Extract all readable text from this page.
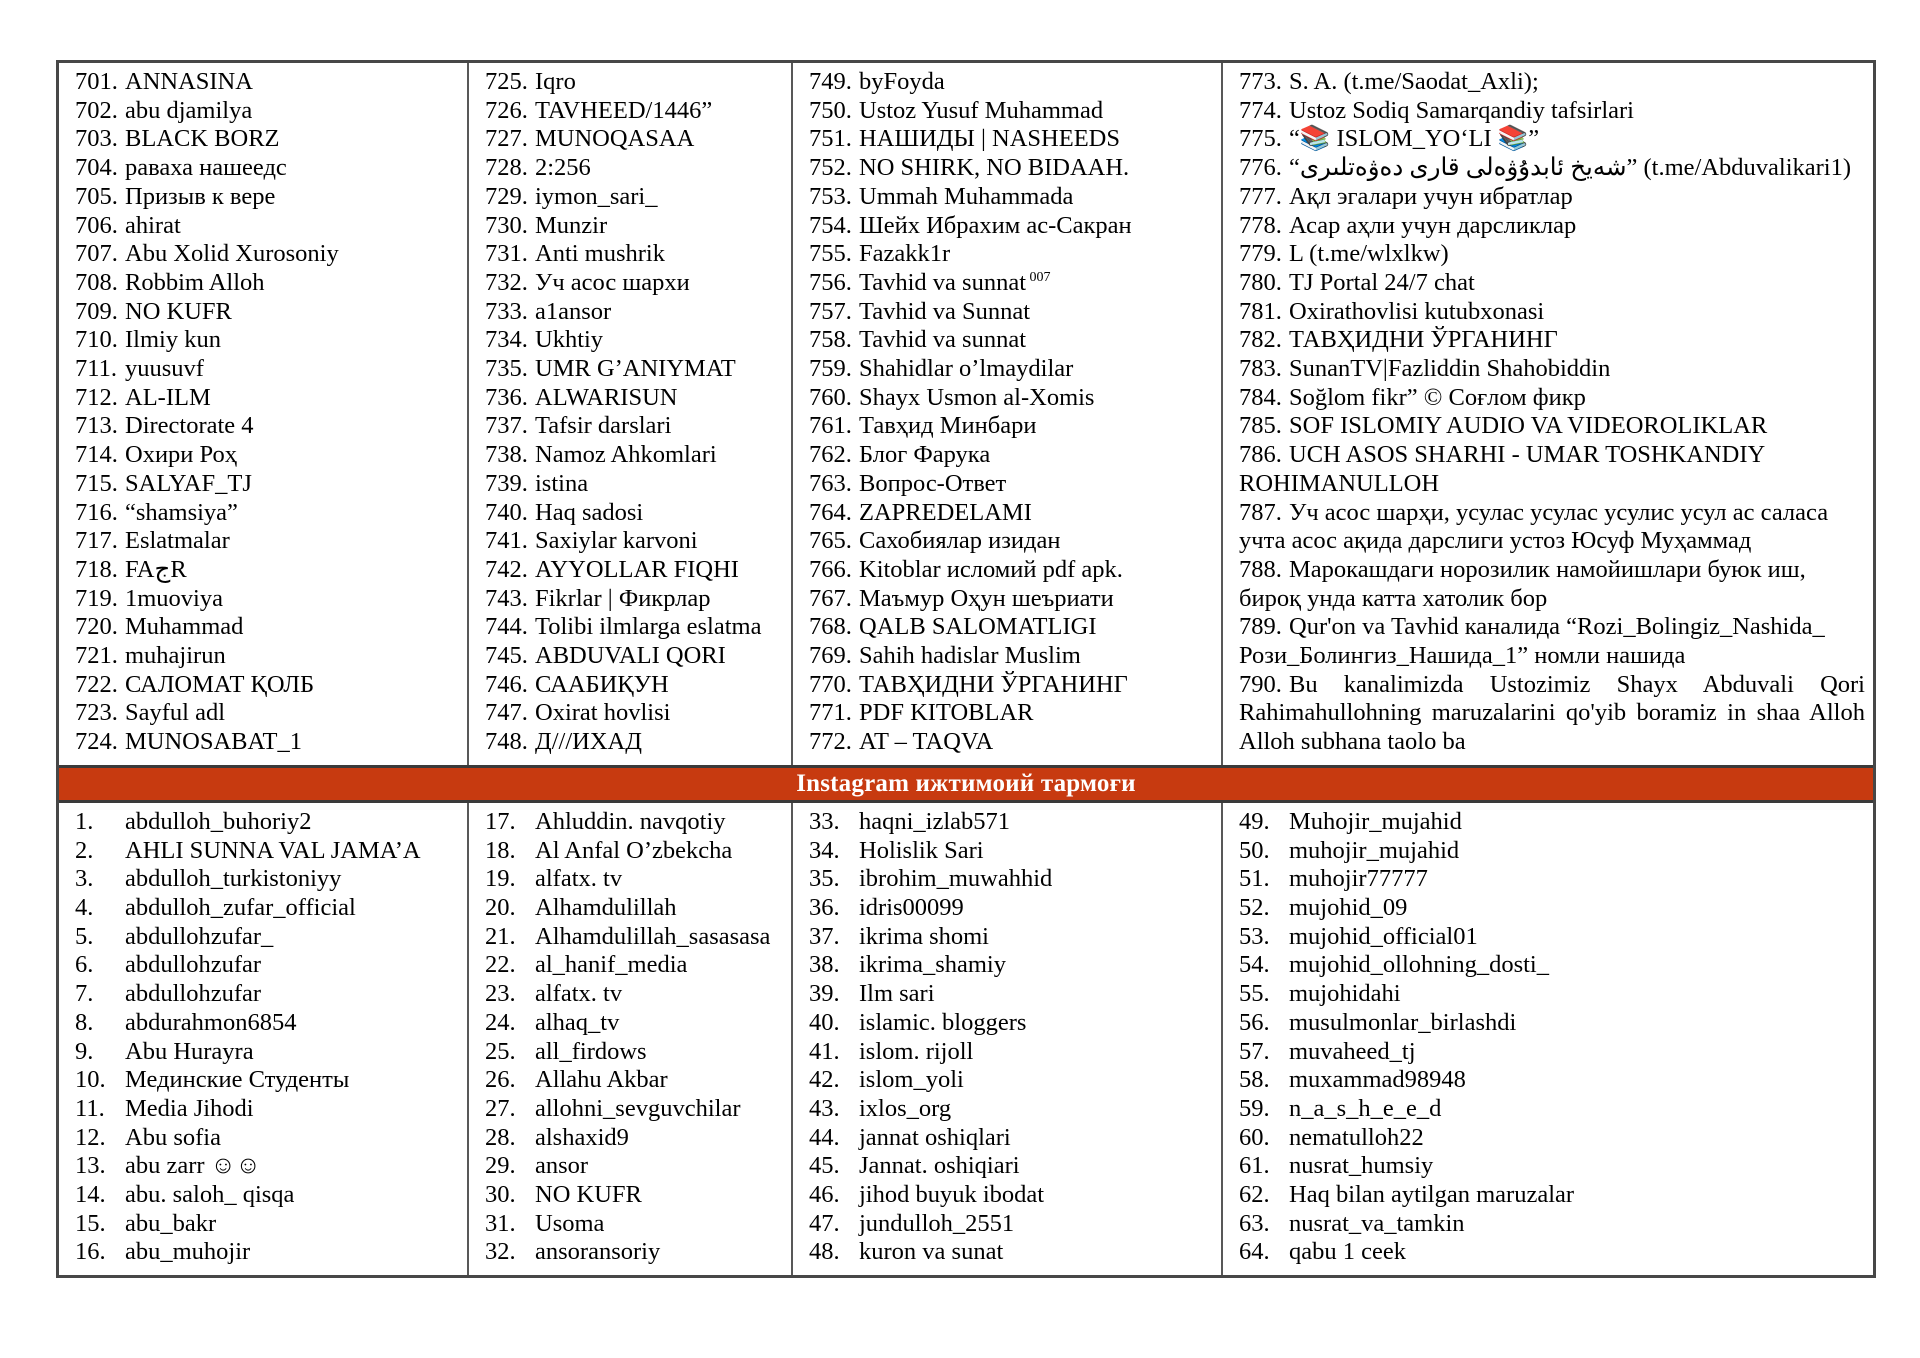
701. ANNASINA
702. abu djamilya
703. BLACK BORZ
704. раваха нашеедс
705. Призыв к вере
706. ahirat
707. Abu Xolid Xurosoniy
708. Robbim Alloh
709. NO KUFR
710. Ilmiy kun
711. yuusuvf
712. AL-ILM
713. Directorate 4
714. Охири Роҳ
715. SALYAF_TJ
716. “shamsiya”
717. Eslatmalar
718. FAجR
719. 1muoviya
720. Muhammad
721. muhajirun
722. САЛОМАТ ҚОЛБ
723. Sayful adl
724. MUNOSABAT_1
725. Iqro
726. TAVHEED/1446”
727. MUNOQASAA
728. 2:256
729. iymon_sari_
730. Munzir
731. Anti mushrik
732. Уч асос шархи
733. a1ansor
734. Ukhtiy
735. UMR G’ANIYMAT
736. ALWARISUN
737. Tafsir darslari
738. Namoz Ahkomlari
739. istina
740. Haq sadosi
741. Saxiylar karvoni
742. AYYOLLAR FIQHI
743. Fikrlar | Фикрлар
744. Tolibi ilmlarga eslatma
745. ABDUVALI QORI
746. СААБИҚУН
747. Oxirat hovlisi
748. Д///ИХАД
749. byFoyda
750. Ustoz Yusuf Muhammad
751. НАШИДЫ | NASHEEDS
752. NO SHIRK, NO BIDAAH.
753. Ummah Muhammada
754. Шейх Ибрахим ас-Сакран
755. Fazakk1r
756. Tavhid va sunnat $^{007}$
757. Tavhid va Sunnat
758. Tavhid va sunnat
759. Shahidlar o’lmaydilar
760. Shayx Usmon al-Xomis
761. Тавҳид Минбари
762. Блог Фарука
763. Вопрос-Ответ
764. ZAPREDELAMI
765. Сахобиялар изидан
766. Kitoblar исломий pdf apk.
767. Маъмур Оҳун шеъриати
768. QALB SALOMATLIGI
769. Sahih hadislar Muslim
770. ТАВҲИДНИ ЎРГАНИНГ
771. PDF KITOBLAR
772. AT – TAQVA
773. S. A. (t.me/Saodat_Axli);
774. Ustoz Sodiq Samarqandiy tafsirlari
775. “📚 ISLOM_YO‘LI 📚”
776. “شەيخ ئابدۇۋەلى قارى دەۋەتلىرى” (t.me/Abduvalikari1)
777. Ақл эгалари учун ибратлар
778. Асар аҳли учун дарсликлар
779. L (t.me/wlxlkw)
780. TJ Portal 24/7 chat
781. Oxirathovlisi kutubxonasi
782. ТАВҲИДНИ ЎРГАНИНГ
783. SunanTV|Fazliddin Shahobiddin
784. Soğlom fikr” © Соғлом фикр
785. SOF ISLOMIY AUDIO VA VIDEOROLIKLAR
786. UCH ASOS SHARHI - UMAR TOSHKANDIY ROHIMANULLOH
787. Уч асос шарҳи, усулас усулас усулис усул ас саласа учта асос ақида дарслиги устоз Юсуф Муҳаммад
788. Марокашдаги норозилик намойишлари буюк иш, бироқ унда катта хатолик бор
789. Qur'on va Tavhid каналида “Rozi_Bolingiz_Nashida_ Рози_Болингиз_Нашида_1” номли нашида
790. Bu kanalimizda Ustozimiz Shayx Abduvali Qori Rahimahullohning maruzalarini qo'yib boramiz in shaa Alloh Alloh subhana taolo ba
Instagram ижтимоий тармоғи
1. abdulloh_buhoriy2
2. AHLI SUNNA VAL JAMA’A
3. abdulloh_turkistoniyy
4. abdulloh_zufar_official
5. abdullohzufar_
6. abdullohzufar
7. abdullohzufar
8. abdurahmon6854
9. Abu Hurayra
10. Мединские Студенты
11. Media Jihodi
12. Abu sofia
13. abu zarr ☺☺
14. abu. saloh_ qisqa
15. abu_bakr
16. abu_muhojir
17. Ahluddin. navqotiy
18. Al Anfal O’zbekcha
19. alfatx. tv
20. Alhamdulillah
21. Alhamdulillah_sasasasa
22. al_hanif_media
23. alfatx. tv
24. alhaq_tv
25. all_firdows
26. Allahu Akbar
27. allohni_sevguvchilar
28. alshaxid9
29. ansor
30. NO KUFR
31. Usoma
32. ansoransoriy
33. haqni_izlab571
34. Holislik Sari
35. ibrohim_muwahhid
36. idris00099
37. ikrima shomi
38. ikrima_shamiy
39. Ilm sari
40. islamic. bloggers
41. islom. rijoll
42. islom_yoli
43. ixlos_org
44. jannat oshiqlari
45. Jannat. oshiqiari
46. jihod buyuk ibodat
47. jundulloh_2551
48. kuron va sunat
49. Muhojir_mujahid
50. muhojir_mujahid
51. muhojir77777
52. mujohid_09
53. mujohid_official01
54. mujohid_ollohning_dosti_
55. mujohidahi
56. musulmonlar_birlashdi
57. muvaheed_tj
58. muxammad98948
59. n_a_s_h_e_e_d
60. nematulloh22
61. nusrat_humsiy
62. Haq bilan aytilgan maruzalar
63. nusrat_va_tamkin
64. qabu 1 ceek
